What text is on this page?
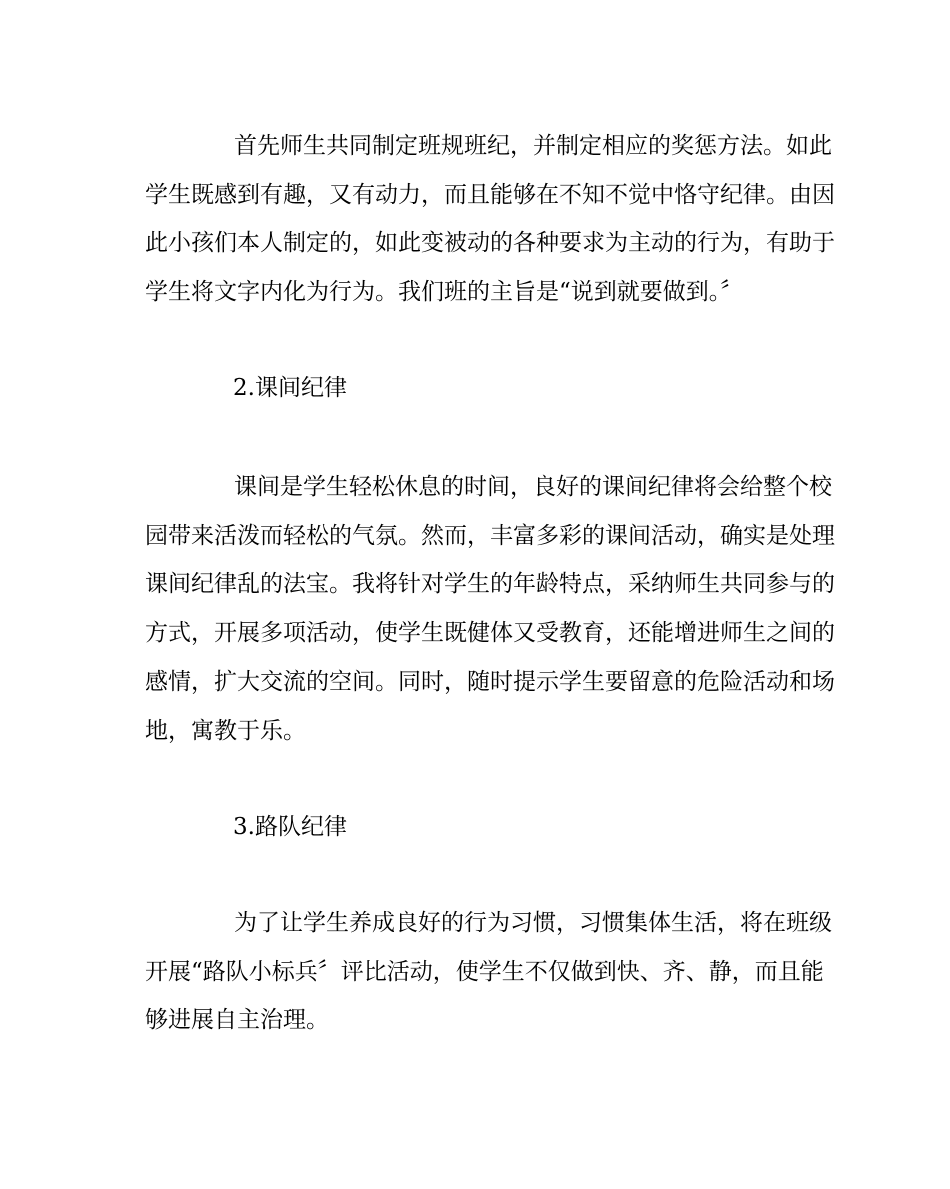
首先师生共同制定班规班纪，并制定相应的奖惩方法。如此
学生既感到有趣，又有动力，而且能够在不知不觉中恪守纪律。由因
此小孩们本人制定的，如此变被动的各种要求为主动的行为，有助于
学生将文字内化为行为。我们班的主旨是“说到就要做到。〞
2.课间纪律
课间是学生轻松休息的时间，良好的课间纪律将会给整个校
园带来活泼而轻松的气氛。然而，丰富多彩的课间活动，确实是处理
课间纪律乱的法宝。我将针对学生的年龄特点，采纳师生共同参与的
方式，开展多项活动，使学生既健体又受教育，还能增进师生之间的
感情，扩大交流的空间。同时，随时提示学生要留意的危险活动和场
地，寓教于乐。
3.路队纪律
为了让学生养成良好的行为习惯，习惯集体生活，将在班级
开展“路队小标兵〞评比活动，使学生不仅做到快、齐、静，而且能
够进展自主治理。
